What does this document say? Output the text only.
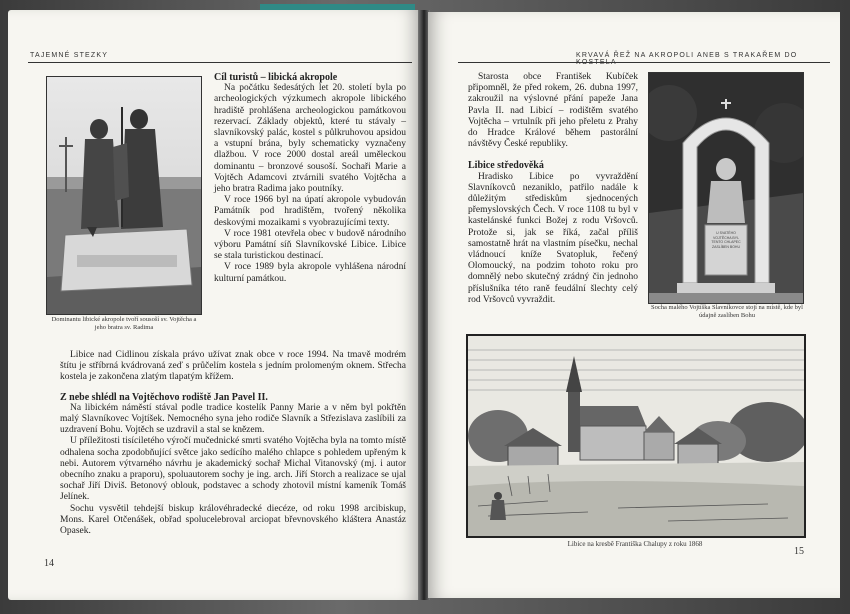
TAJEMNÉ STEZKY
Dominantu libické akropole tvoří sousoší sv. Vojtěcha a jeho bratra sv. Radima

Cíl turistů – libická akropole

Na počátku šedesátých let 20. století byla po archeologických výzkumech akropole libického hradiště prohlášena archeologickou památkovou rezervací. Základy objektů, které tu stávaly – slavníkovský palác, kostel s půlkruhovou apsidou a vstupní brána, byly schematicky vyznačeny dlažbou. V roce 2000 dostal areál uměleckou dominantu – bronzové sousoší. Sochaři Marie a Vojtěch Adamcovi ztvárnili svatého Vojtěcha a jeho bratra Radima jako poutníky.

V roce 1966 byl na úpatí akropole vybudován Památník pod hradištěm, tvořený několika deskovými mozaikami s vyobrazujícími texty.

V roce 1981 otevřela obec v budově národního výboru Památní síň Slavníkovské Libice. Libice se stala turistickou destinací.

V roce 1989 byla akropole vyhlášena národní kulturní památkou.

Libice nad Cidlinou získala právo užívat znak obce v roce 1994. Na tmavě modrém štítu je stříbrná kvádrovaná zeď s průčelím kostela s jedním prolomeným oknem. Střecha kostela je zakončena zlatým tlapatým křížem.

Z nebe shlédl na Vojtěchovo rodiště Jan Pavel II.

Na libickém náměstí stával podle tradice kostelík Panny Marie a v něm byl pokřtěn malý Slavníkovec Vojtíšek. Nemocného syna jeho rodiče Slavník a Střezislava zaslíbili za uzdravení Bohu. Vojtěch se uzdravil a stal se knězem.

U příležitosti tisíciletého výročí mučednické smrti svatého Vojtěcha byla na tomto místě odhalena socha zpodobňující světce jako sedícího malého chlapce s pohledem upřeným k nebi. Autorem výtvarného návrhu je akademický sochař Michal Vitanovský (mj. i autor obecního znaku a praporu), spoluautorem sochy je ing. arch. Jiří Storch a realizace se ujal sochař Jiří Diviš. Betonový oblouk, podstavec a schody zhotovil místní kameník Tomáš Jelínek.

Sochu vysvětil tehdejší biskup královéhradecké diecéze, od roku 1998 arcibiskup, Mons. Karel Otčenášek, obřad spolucelebroval arciopat břevnovského kláštera Anastáz Opasek.

14
KRVAVÁ ŘEŽ NA AKROPOLI ANEB S TRAKAŘEM DO

Starosta obce František Kubíček připomněl, že před rokem, 26. dubna 1997, zakroužil na výslovné přání papeže Jana Pavla II. nad Libicí – rodištěm svatého Vojtěcha – vrtulník při jeho přeletu z Prahy do Hradce Králové během pastorální návštěvy České republiky.

Libice středověká

Hradisko Libice po vyvraždění Slavníkovců nezaniklo, patřilo nadále k důležitým střediskům sjednocených přemyslovských Čech. V roce 1108 tu byl v kastelánské funkci Božej z rodu Vršovců. Protože si, jak se říká, začal příliš samostatně hrát na vlastním písečku, nechal vládnoucí kníže Svatopluk, řečený Olomoucký, na podzim tohoto roku pro domnělý nebo skutečný zrádný čin jednoho příslušníka této raně feudální šlechty celý rod Vršovců vyvraždit.

U SVATÉHO VOJTĚCHA BYL TENTO CHLAPEC ZASLÍBEN BOHU
Socha malého Vojtíška Slavníkovce stojí na místě, kde byl údajně zaslíben Bohu
Libice na kresbě Františka Chalupy z roku 1868
15
